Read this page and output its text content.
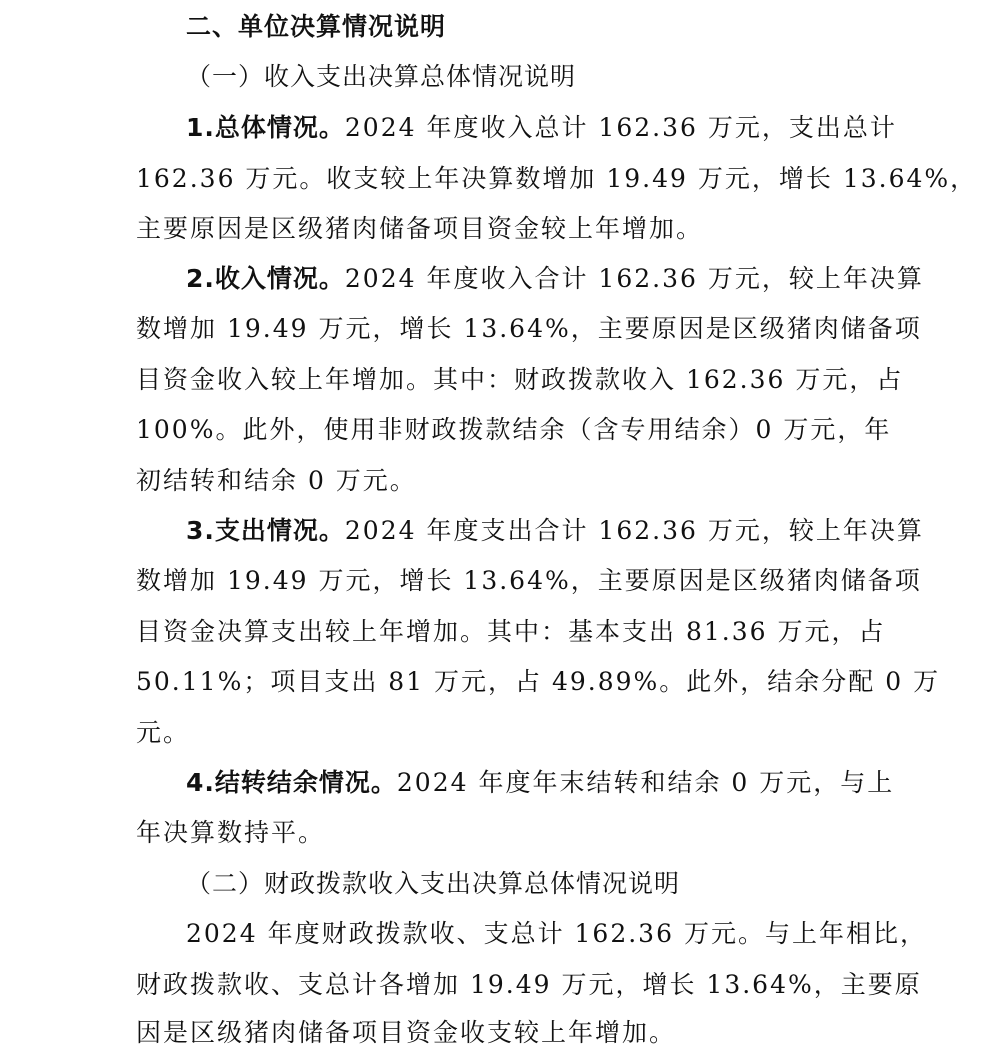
二、单位决算情况说明
（一）收入支出决算总体情况说明
1.总体情况。2024 年度收入总计 162.36 万元，支出总计
162.36 万元。收支较上年决算数增加 19.49 万元，增长 13.64%，
主要原因是区级猪肉储备项目资金较上年增加。
2.收入情况。2024 年度收入合计 162.36 万元，较上年决算
数增加 19.49 万元，增长 13.64%，主要原因是区级猪肉储备项
目资金收入较上年增加。其中：财政拨款收入 162.36 万元，占
100%。此外，使用非财政拨款结余（含专用结余）0 万元，年
初结转和结余 0 万元。
3.支出情况。2024 年度支出合计 162.36 万元，较上年决算
数增加 19.49 万元，增长 13.64%，主要原因是区级猪肉储备项
目资金决算支出较上年增加。其中：基本支出 81.36 万元，占
50.11%；项目支出 81 万元，占 49.89%。此外，结余分配 0 万
元。
4.结转结余情况。2024 年度年末结转和结余 0 万元，与上
年决算数持平。
（二）财政拨款收入支出决算总体情况说明
2024 年度财政拨款收、支总计 162.36 万元。与上年相比，
财政拨款收、支总计各增加 19.49 万元，增长 13.64%，主要原
因是区级猪肉储备项目资金收支较上年增加。
